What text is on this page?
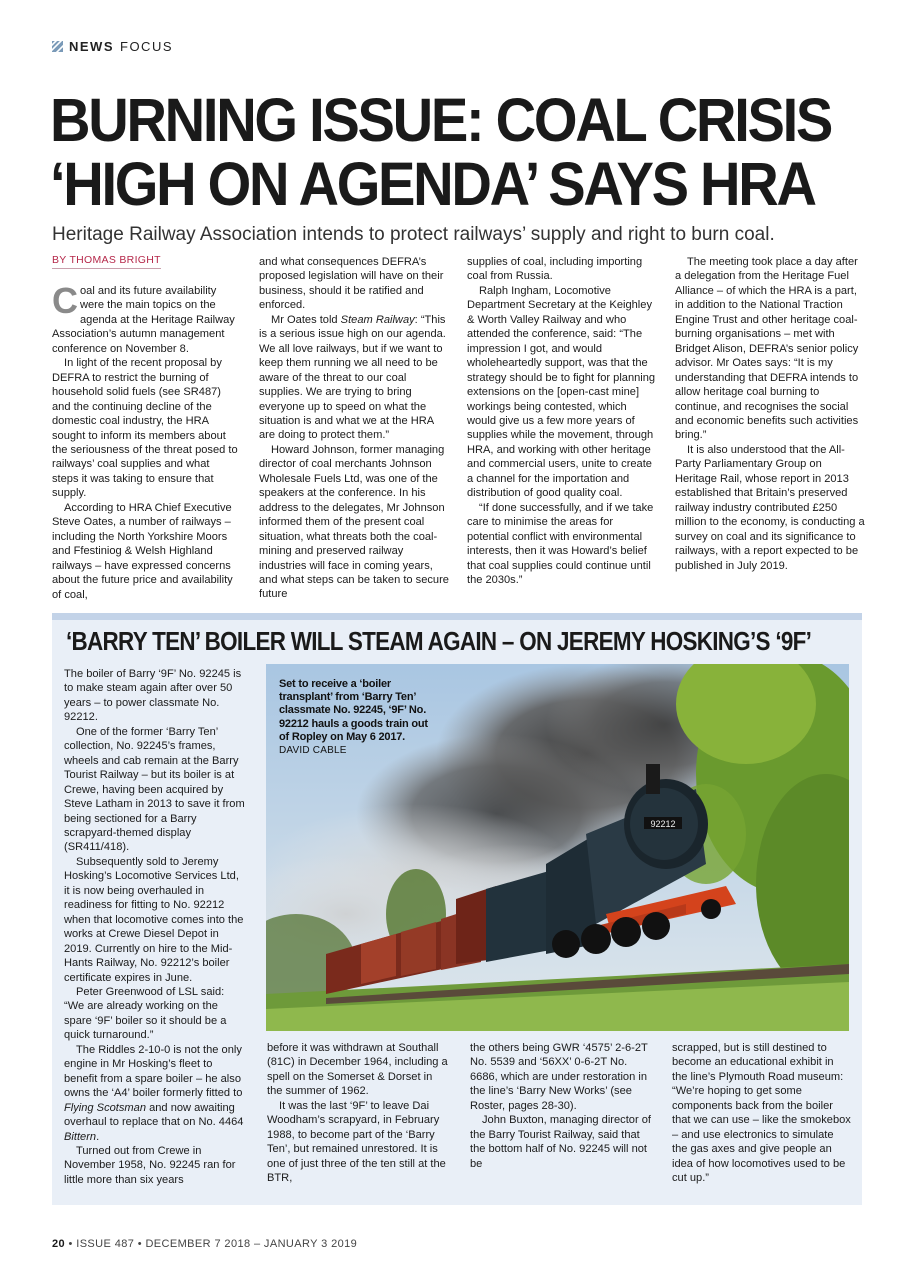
NEWS FOCUS
BURNING ISSUE: COAL CRISIS
‘HIGH ON AGENDA’ SAYS HRA

Heritage Railway Association intends to protect railways’ supply and right to burn coal.

BY THOMAS BRIGHT

Coal and its future availability were the main topics on the agenda at the Heritage Railway Association’s autumn management conference on November 8.

In light of the recent proposal by DEFRA to restrict the burning of household solid fuels (see SR487) and the continuing decline of the domestic coal industry, the HRA sought to inform its members about the seriousness of the threat posed to railways’ coal supplies and what steps it was taking to ensure that supply.

According to HRA Chief Executive Steve Oates, a number of railways – including the North Yorkshire Moors and Ffestiniog & Welsh Highland railways – have expressed concerns about the future price and availability of coal,

and what consequences DEFRA’s proposed legislation will have on their business, should it be ratified and enforced.

Mr Oates told Steam Railway: “This is a serious issue high on our agenda. We all love railways, but if we want to keep them running we all need to be aware of the threat to our coal supplies. We are trying to bring everyone up to speed on what the situation is and what we at the HRA are doing to protect them.”

Howard Johnson, former managing director of coal merchants Johnson Wholesale Fuels Ltd, was one of the speakers at the conference. In his address to the delegates, Mr Johnson informed them of the present coal situation, what threats both the coal-mining and preserved railway industries will face in coming years, and what steps can be taken to secure future

supplies of coal, including importing coal from Russia.

Ralph Ingham, Locomotive Department Secretary at the Keighley & Worth Valley Railway and who attended the conference, said: “The impression I got, and would wholeheartedly support, was that the strategy should be to fight for planning extensions on the [open-cast mine] workings being contested, which would give us a few more years of supplies while the movement, through HRA, and working with other heritage and commercial users, unite to create a channel for the importation and distribution of good quality coal.

“If done successfully, and if we take care to minimise the areas for potential conflict with environmental interests, then it was Howard’s belief that coal supplies could continue until the 2030s.”

The meeting took place a day after a delegation from the Heritage Fuel Alliance – of which the HRA is a part, in addition to the National Traction Engine Trust and other heritage coal-burning organisations – met with Bridget Alison, DEFRA’s senior policy advisor. Mr Oates says: “It is my understanding that DEFRA intends to allow heritage coal burning to continue, and recognises the social and economic benefits such activities bring.”

It is also understood that the All-Party Parliamentary Group on Heritage Rail, whose report in 2013 established that Britain’s preserved railway industry contributed £250 million to the economy, is conducting a survey on coal and its significance to railways, with a report expected to be published in July 2019.

‘BARRY TEN’ BOILER WILL STEAM AGAIN – ON JEREMY HOSKING’S ‘9F’
92212
Set to receive a ‘boiler transplant’ from ‘Barry Ten’ classmate No. 92245, ‘9F’ No. 92212 hauls a goods train out of Ropley on May 6 2017.
DAVID CABLE

The boiler of Barry ‘9F’ No. 92245 is to make steam again after over 50 years – to power classmate No. 92212.

One of the former ‘Barry Ten’ collection, No. 92245’s frames, wheels and cab remain at the Barry Tourist Railway – but its boiler is at Crewe, having been acquired by Steve Latham in 2013 to save it from being sectioned for a Barry scrapyard-themed display (SR411/418).

Subsequently sold to Jeremy Hosking’s Locomotive Services Ltd, it is now being overhauled in readiness for fitting to No. 92212 when that locomotive comes into the works at Crewe Diesel Depot in 2019. Currently on hire to the Mid-Hants Railway, No. 92212’s boiler certificate expires in June.

Peter Greenwood of LSL said: “We are already working on the spare ‘9F’ boiler so it should be a quick turnaround.”

The Riddles 2-10-0 is not the only engine in Mr Hosking’s fleet to benefit from a spare boiler – he also owns the ‘A4’ boiler formerly fitted to Flying Scotsman and now awaiting overhaul to replace that on No. 4464 Bittern.

Turned out from Crewe in November 1958, No. 92245 ran for little more than six years

before it was withdrawn at Southall (81C) in December 1964, including a spell on the Somerset & Dorset in the summer of 1962.

It was the last ‘9F’ to leave Dai Woodham’s scrapyard, in February 1988, to become part of the ‘Barry Ten’, but remained unrestored. It is one of just three of the ten still at the BTR,

the others being GWR ‘4575’ 2-6-2T No. 5539 and ‘56XX’ 0-6-2T No. 6686, which are under restoration in the line’s ‘Barry New Works’ (see Roster, pages 28-30).

John Buxton, managing director of the Barry Tourist Railway, said that the bottom half of No. 92245 will not be

scrapped, but is still destined to become an educational exhibit in the line’s Plymouth Road museum: “We’re hoping to get some components back from the boiler that we can use – like the smokebox – and use electronics to simulate the gas axes and give people an idea of how locomotives used to be cut up.”

20 • ISSUE 487 • DECEMBER 7 2018 – JANUARY 3 2019
